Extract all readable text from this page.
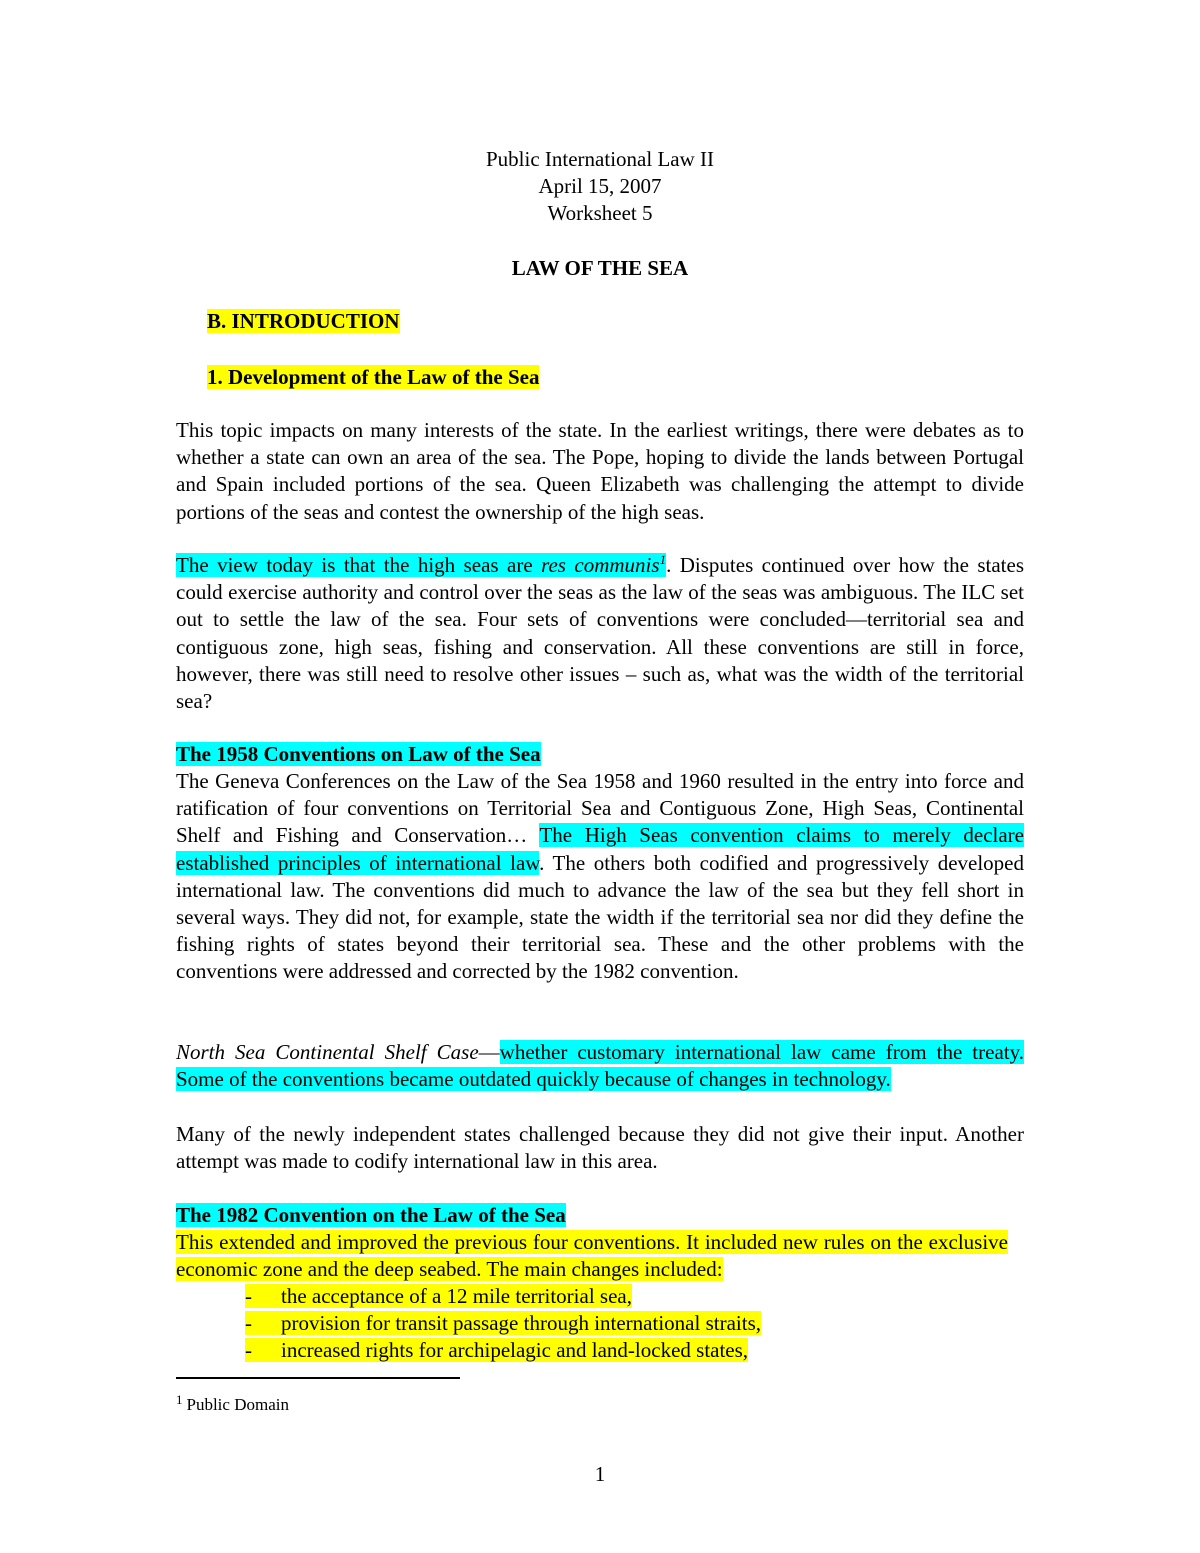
Public International Law II
April 15, 2007
Worksheet 5
LAW OF THE SEA
B. INTRODUCTION
1. Development of the Law of the Sea
This topic impacts on many interests of the state. In the earliest writings, there were debates as to whether a state can own an area of the sea. The Pope, hoping to divide the lands between Portugal and Spain included portions of the sea. Queen Elizabeth was challenging the attempt to divide portions of the seas and contest the ownership of the high seas.
The view today is that the high seas are res communis$^1$. Disputes continued over how the states could exercise authority and control over the seas as the law of the seas was ambiguous. The ILC set out to settle the law of the sea. Four sets of conventions were concluded—territorial sea and contiguous zone, high seas, fishing and conservation. All these conventions are still in force, however, there was still need to resolve other issues – such as, what was the width of the territorial sea?
The 1958 Conventions on Law of the Sea
The Geneva Conferences on the Law of the Sea 1958 and 1960 resulted in the entry into force and ratification of four conventions on Territorial Sea and Contiguous Zone, High Seas, Continental Shelf and Fishing and Conservation… The High Seas convention claims to merely declare established principles of international law. The others both codified and progressively developed international law. The conventions did much to advance the law of the sea but they fell short in several ways. They did not, for example, state the width if the territorial sea nor did they define the fishing rights of states beyond their territorial sea. These and the other problems with the conventions were addressed and corrected by the 1982 convention.
North Sea Continental Shelf Case—whether customary international law came from the treaty. Some of the conventions became outdated quickly because of changes in technology.
Many of the newly independent states challenged because they did not give their input. Another attempt was made to codify international law in this area.
The 1982 Convention on the Law of the Sea
This extended and improved the previous four conventions. It included new rules on the exclusive economic zone and the deep seabed. The main changes included:
- the acceptance of a 12 mile territorial sea,
- provision for transit passage through international straits,
- increased rights for archipelagic and land-locked states,
$^1$ Public Domain
1
